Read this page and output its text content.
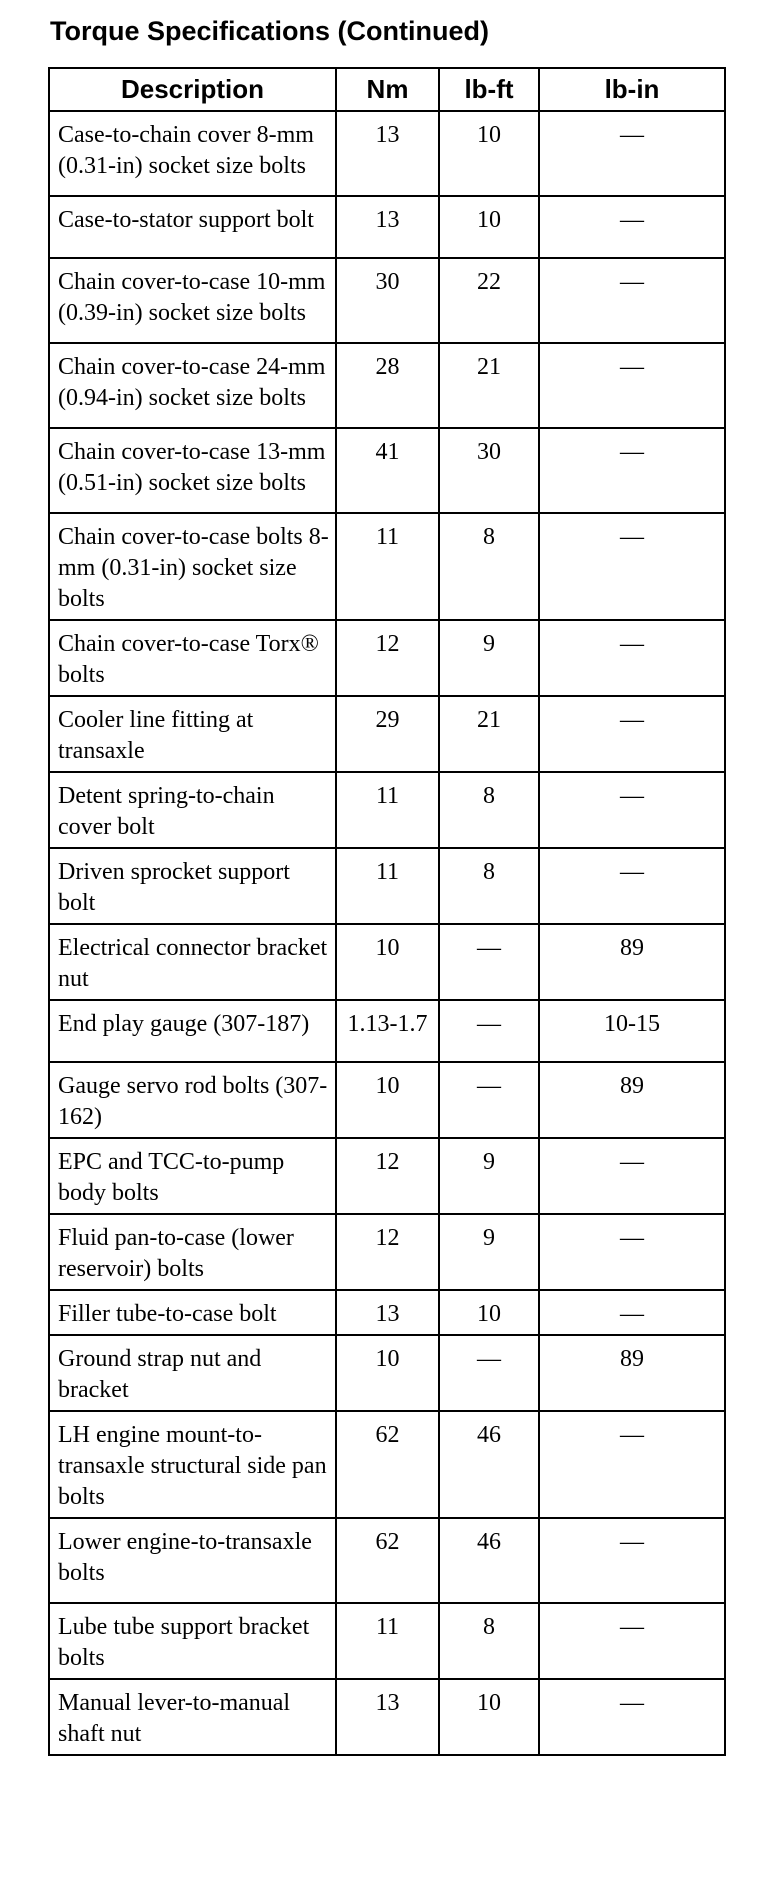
Torque Specifications (Continued)
Description	Nm	lb-ft	lb-in
Case-to-chain cover 8-mm (0.31-in) socket size bolts	13	10	—
Case-to-stator support bolt	13	10	—
Chain cover-to-case 10-mm (0.39-in) socket size bolts	30	22	—
Chain cover-to-case 24-mm (0.94-in) socket size bolts	28	21	—
Chain cover-to-case 13-mm (0.51-in) socket size bolts	41	30	—
Chain cover-to-case bolts 8-mm (0.31-in) socket size bolts	11	8	—
Chain cover-to-case Torx® bolts	12	9	—
Cooler line fitting at transaxle	29	21	—
Detent spring-to-chain cover bolt	11	8	—
Driven sprocket support bolt	11	8	—
Electrical connector bracket nut	10	—	89
End play gauge (307-187)	1.13-1.7	—	10-15
Gauge servo rod bolts (307-162)	10	—	89
EPC and TCC-to-pump body bolts	12	9	—
Fluid pan-to-case (lower reservoir) bolts	12	9	—
Filler tube-to-case bolt	13	10	—
Ground strap nut and bracket	10	—	89
LH engine mount-to-transaxle structural side pan bolts	62	46	—
Lower engine-to-transaxle bolts	62	46	—
Lube tube support bracket bolts	11	8	—
Manual lever-to-manual shaft nut	13	10	—
